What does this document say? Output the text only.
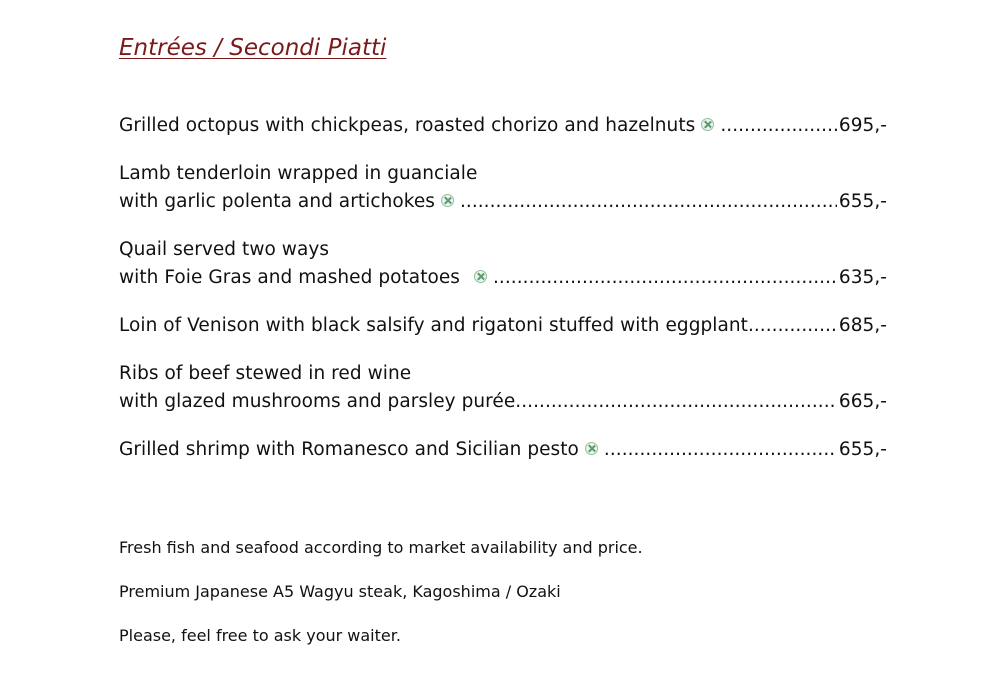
Entrées / Secondi Piatti
Grilled octopus with chickpeas, roasted chorizo and hazelnuts .....	695,-
Lamb tenderloin wrapped in guanciale
with garlic polenta and artichokes .....	655,-
Quail served two ways
with Foie Gras and mashed potatoes .....	635,-
Loin of Venison with black salsify and rigatoni stuffed with eggplant .....	685,-
Ribs of beef stewed in red wine
with glazed mushrooms and parsley purée .....	665,-
Grilled shrimp with Romanesco and Sicilian pesto .....	655,-

Fresh fish and seafood according to market availability and price.

Premium Japanese A5 Wagyu steak, Kagoshima / Ozaki

Please, feel free to ask your waiter.
